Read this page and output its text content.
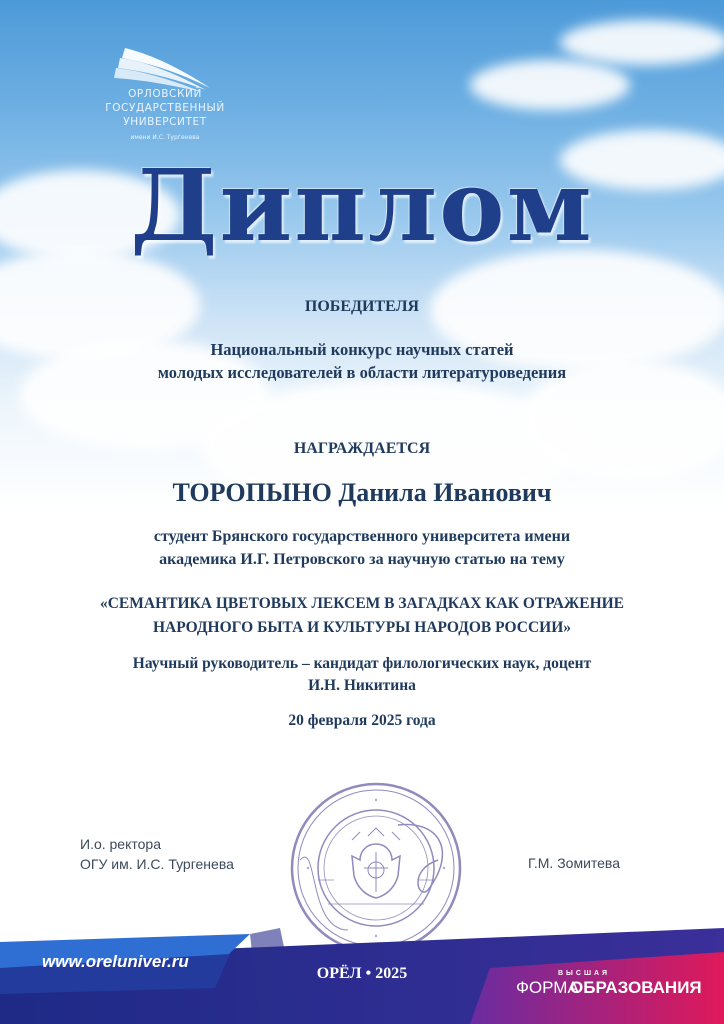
ОРЛОВСКИЙ
ГОСУДАРСТВЕННЫЙ
УНИВЕРСИТЕТ
имени И.С. Тургенева
Диплом
ПОБЕДИТЕЛЯ
Национальный конкурс научных статей
молодых исследователей в области литературоведения
НАГРАЖДАЕТСЯ
ТОРОПЫНО Данила Иванович
студент Брянского государственного университета имени
академика И.Г. Петровского за научную статью на тему
«СЕМАНТИКА ЦВЕТОВЫХ ЛЕКСЕМ В ЗАГАДКАХ КАК ОТРАЖЕНИЕ
НАРОДНОГО БЫТА И КУЛЬТУРЫ НАРОДОВ РОССИИ»
Научный руководитель – кандидат филологических наук, доцент
И.Н. Никитина
20 февраля 2025 года
И.о. ректора
ОГУ им. И.С. Тургенева	Г.М. Зомитева
www.oreluniver.ru
ОРЁЛ • 2025	ВЫСШАЯ
ФОРМА
ОБРАЗОВАНИЯ
